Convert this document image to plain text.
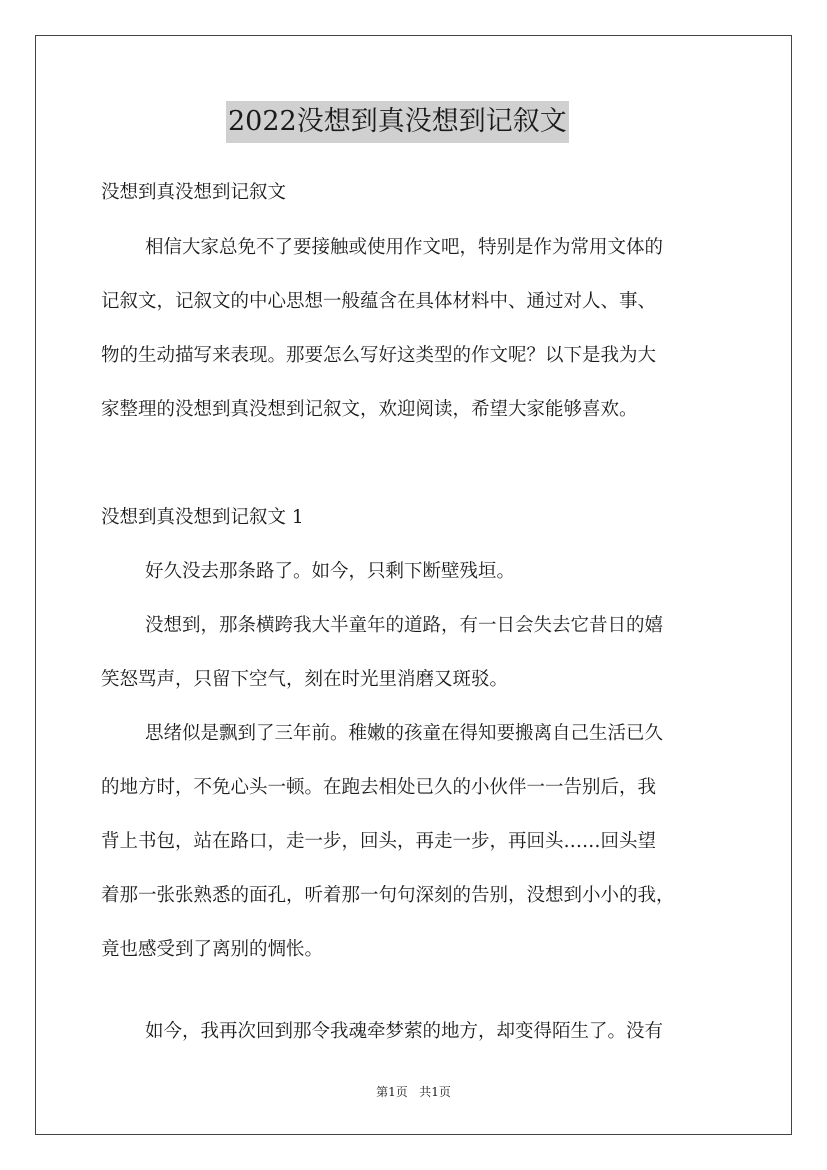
2022没想到真没想到记叙文
没想到真没想到记叙文
相信大家总免不了要接触或使用作文吧，特别是作为常用文体的
记叙文，记叙文的中心思想一般蕴含在具体材料中、通过对人、事、
物的生动描写来表现。那要怎么写好这类型的作文呢？以下是我为大
家整理的没想到真没想到记叙文，欢迎阅读，希望大家能够喜欢。
没想到真没想到记叙文 1
好久没去那条路了。如今，只剩下断壁残垣。
没想到，那条横跨我大半童年的道路，有一日会失去它昔日的嬉
笑怒骂声，只留下空气，刻在时光里消磨又斑驳。
思绪似是飘到了三年前。稚嫩的孩童在得知要搬离自己生活已久
的地方时，不免心头一顿。在跑去相处已久的小伙伴一一告别后，我
背上书包，站在路口，走一步，回头，再走一步，再回头……回头望
着那一张张熟悉的面孔，听着那一句句深刻的告别，没想到小小的我，
竟也感受到了离别的惆怅。
如今，我再次回到那令我魂牵梦萦的地方，却变得陌生了。没有
第1页 共1页
